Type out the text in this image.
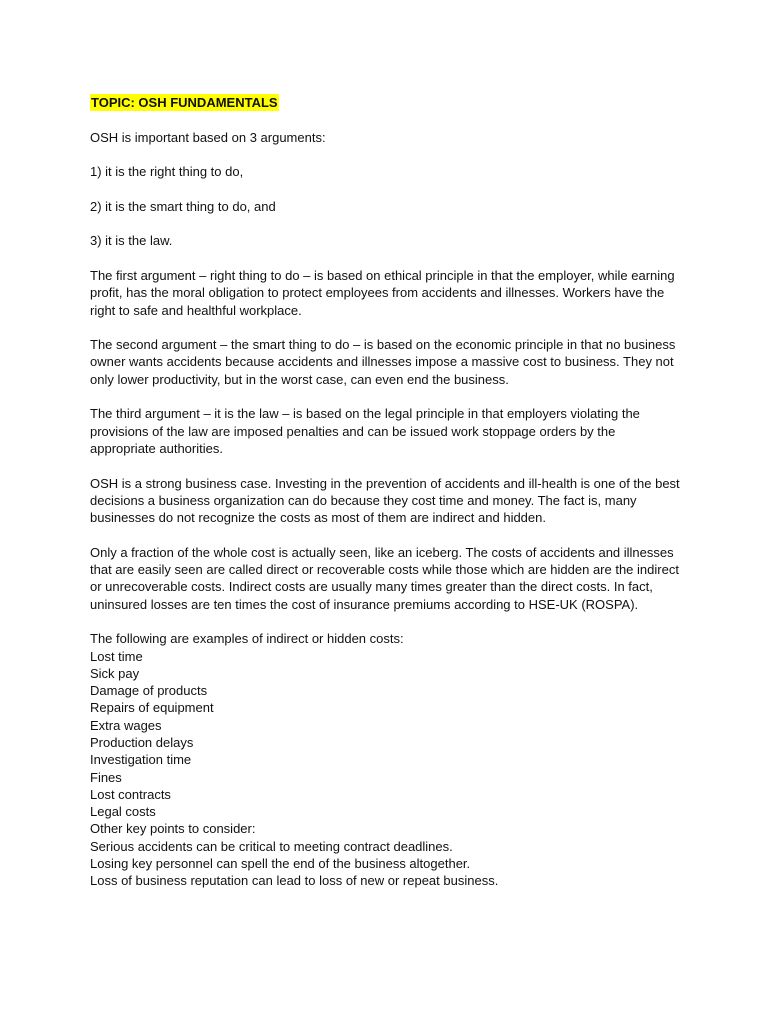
TOPIC: OSH FUNDAMENTALS

OSH is important based on 3 arguments:

1) it is the right thing to do,

2) it is the smart thing to do, and

3) it is the law.

The first argument – right thing to do – is based on ethical principle in that the employer, while earning profit, has the moral obligation to protect employees from accidents and illnesses. Workers have the right to safe and healthful workplace.

The second argument – the smart thing to do – is based on the economic principle in that no business owner wants accidents because accidents and illnesses impose a massive cost to business. They not only lower productivity, but in the worst case, can even end the business.

The third argument – it is the law – is based on the legal principle in that employers violating the provisions of the law are imposed penalties and can be issued work stoppage orders by the appropriate authorities.

OSH is a strong business case. Investing in the prevention of accidents and ill-health is one of the best decisions a business organization can do because they cost time and money. The fact is, many businesses do not recognize the costs as most of them are indirect and hidden.

Only a fraction of the whole cost is actually seen, like an iceberg. The costs of accidents and illnesses that are easily seen are called direct or recoverable costs while those which are hidden are the indirect or unrecoverable costs. Indirect costs are usually many times greater than the direct costs. In fact, uninsured losses are ten times the cost of insurance premiums according to HSE-UK (ROSPA).

The following are examples of indirect or hidden costs:

Lost time
Sick pay
Damage of products
Repairs of equipment
Extra wages
Production delays
Investigation time
Fines
Lost contracts
Legal costs
Other key points to consider:
Serious accidents can be critical to meeting contract deadlines.
Losing key personnel can spell the end of the business altogether.
Loss of business reputation can lead to loss of new or repeat business.
